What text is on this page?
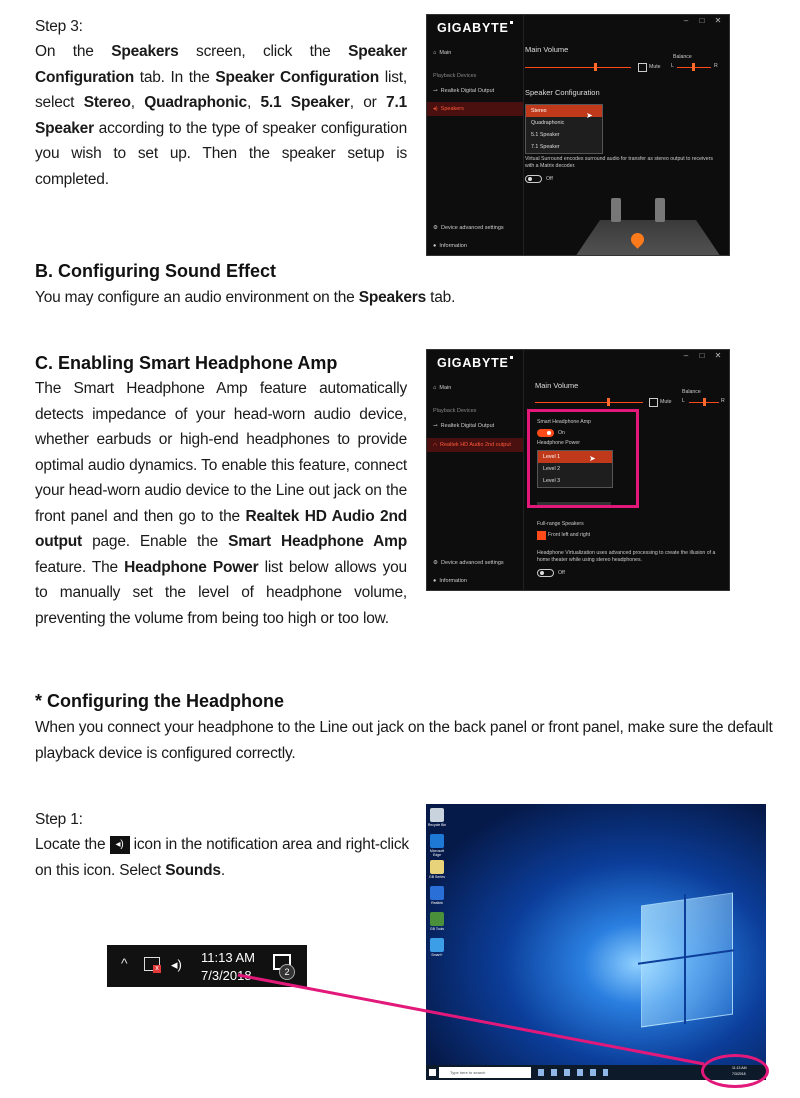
Step 3:
On the Speakers screen, click the Speaker Configuration tab. In the Speaker Configuration list, select Stereo, Quadraphonic, 5.1 Speaker, or 7.1 Speaker according to the type of speaker configuration you wish to set up. Then the speaker setup is completed.
GIGABYTE
–	□	✕
⌂ Main
Playback Devices
⊸ Realtek Digital Output
◂) Speakers
⚙ Device advanced settings
● Information
Main Volume
Mute
Balance
L	R
Speaker Configuration
Stereo
Quadraphonic
5.1 Speaker
7.1 Speaker
➤
Virtual Surround encodes surround audio for transfer as stereo output to receivers with a Matrix decoder.
Off
B. Configuring Sound Effect
You may configure an audio environment on the Speakers tab.
C. Enabling Smart Headphone Amp
The Smart Headphone Amp feature automatically detects impedance of your head-worn audio device, whether earbuds or high-end headphones to provide optimal audio dynamics. To enable this feature, connect your head-worn audio device to the Line out jack on the front panel and then go to the Realtek HD Audio 2nd output page. Enable the Smart Headphone Amp feature. The Headphone Power list below allows you to manually set the level of headphone volume, preventing the volume from being too high or too low.
GIGABYTE
–	□	✕
⌂ Main
Playback Devices
⊸ Realtek Digital Output
∩ Realtek HD Audio 2nd output
⚙ Device advanced settings
● Information
Main Volume
Mute
Balance
L	R
Smart Headphone Amp
On
Headphone Power
Level 1
Level 2
Level 3
➤
Full-range Speakers
Front left and right
Headphone Virtualization uses advanced processing to create the illusion of a home theater while using stereo headphones.
Off
* Configuring the Headphone
When you connect your headphone to the Line out jack on the back panel or front panel, make sure the default playback device is configured correctly.
Step 1:
Locate the ◂) icon in the notification area and right-click on this icon. Select Sounds.
^	x ◂) 11:13 AM
7/3/2018	2
Recycle Bin
Microsoft Edge
GB Series
Realtek
GB Tools
Smart+
Type here to search
11:13 AM
7/3/2018
